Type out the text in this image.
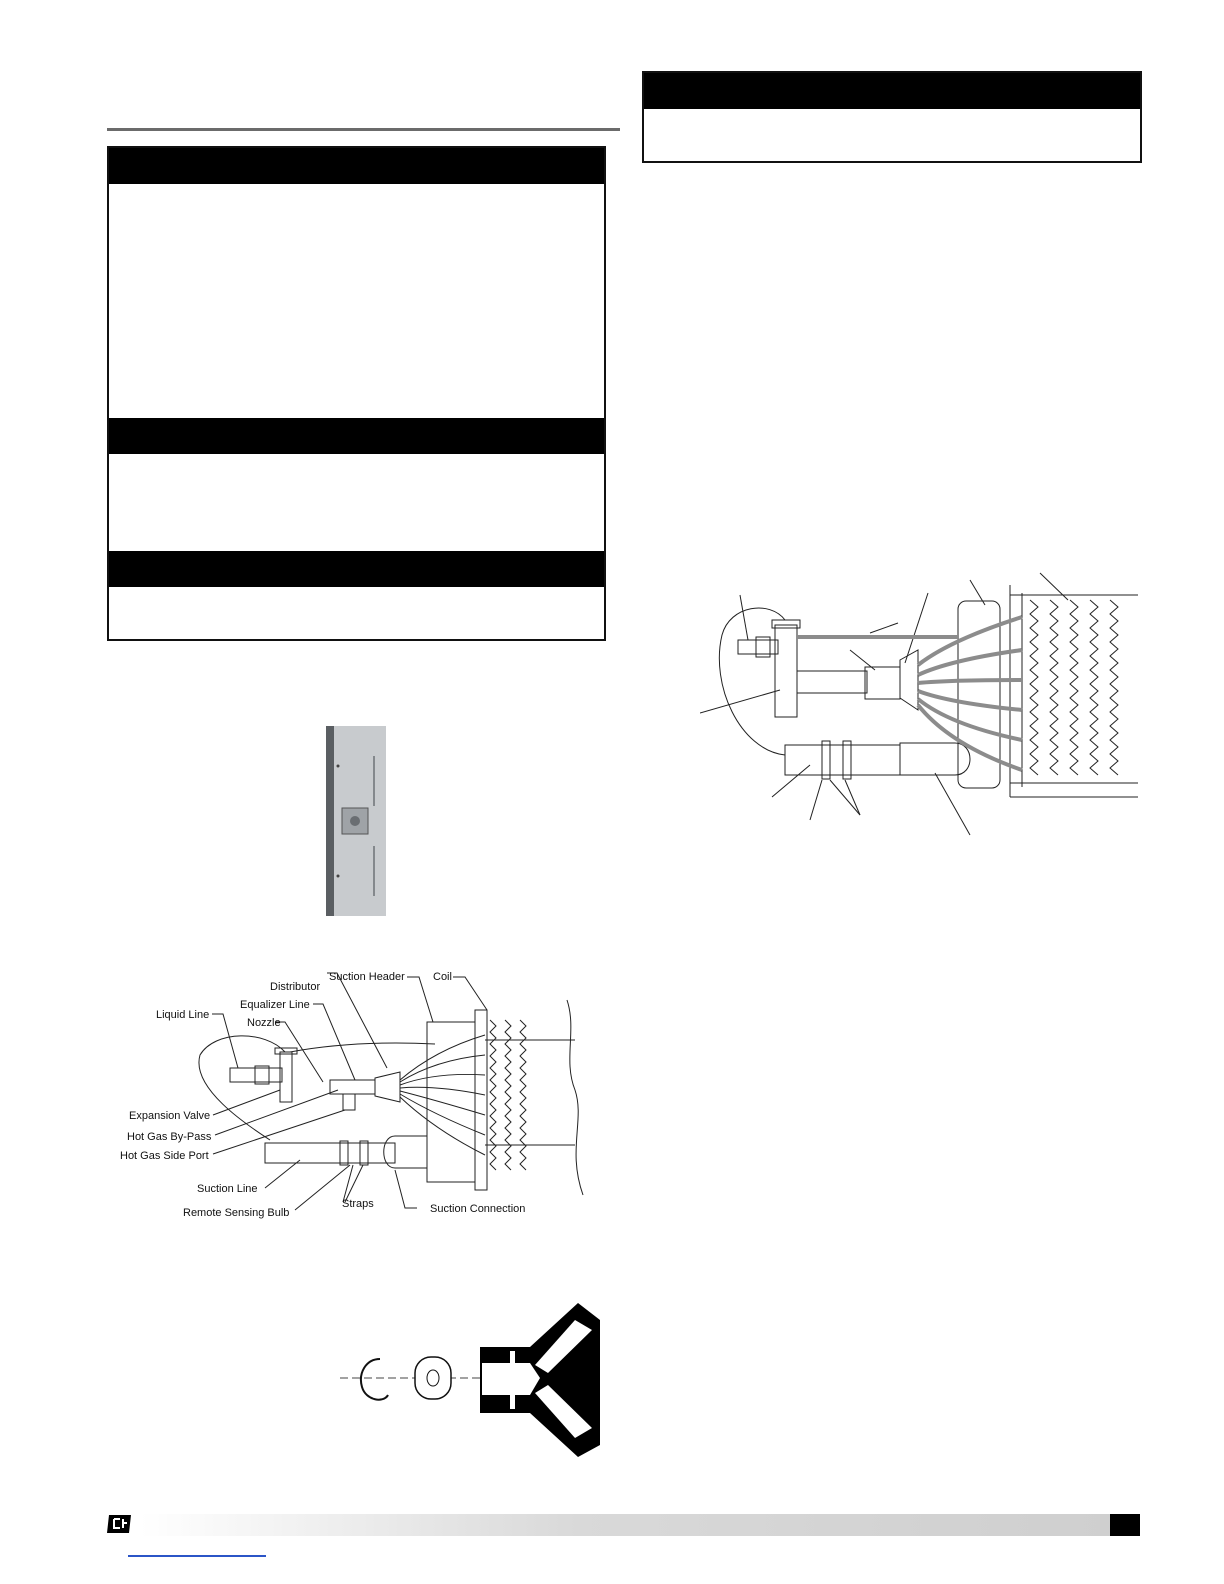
Suction Header	Coil
Distributor
Equalizer Line
Liquid Line
Nozzle
Expansion Valve
Hot Gas By-Pass
Hot Gas Side Port
Suction Line
Straps
Remote Sensing Bulb	Suction Connection
